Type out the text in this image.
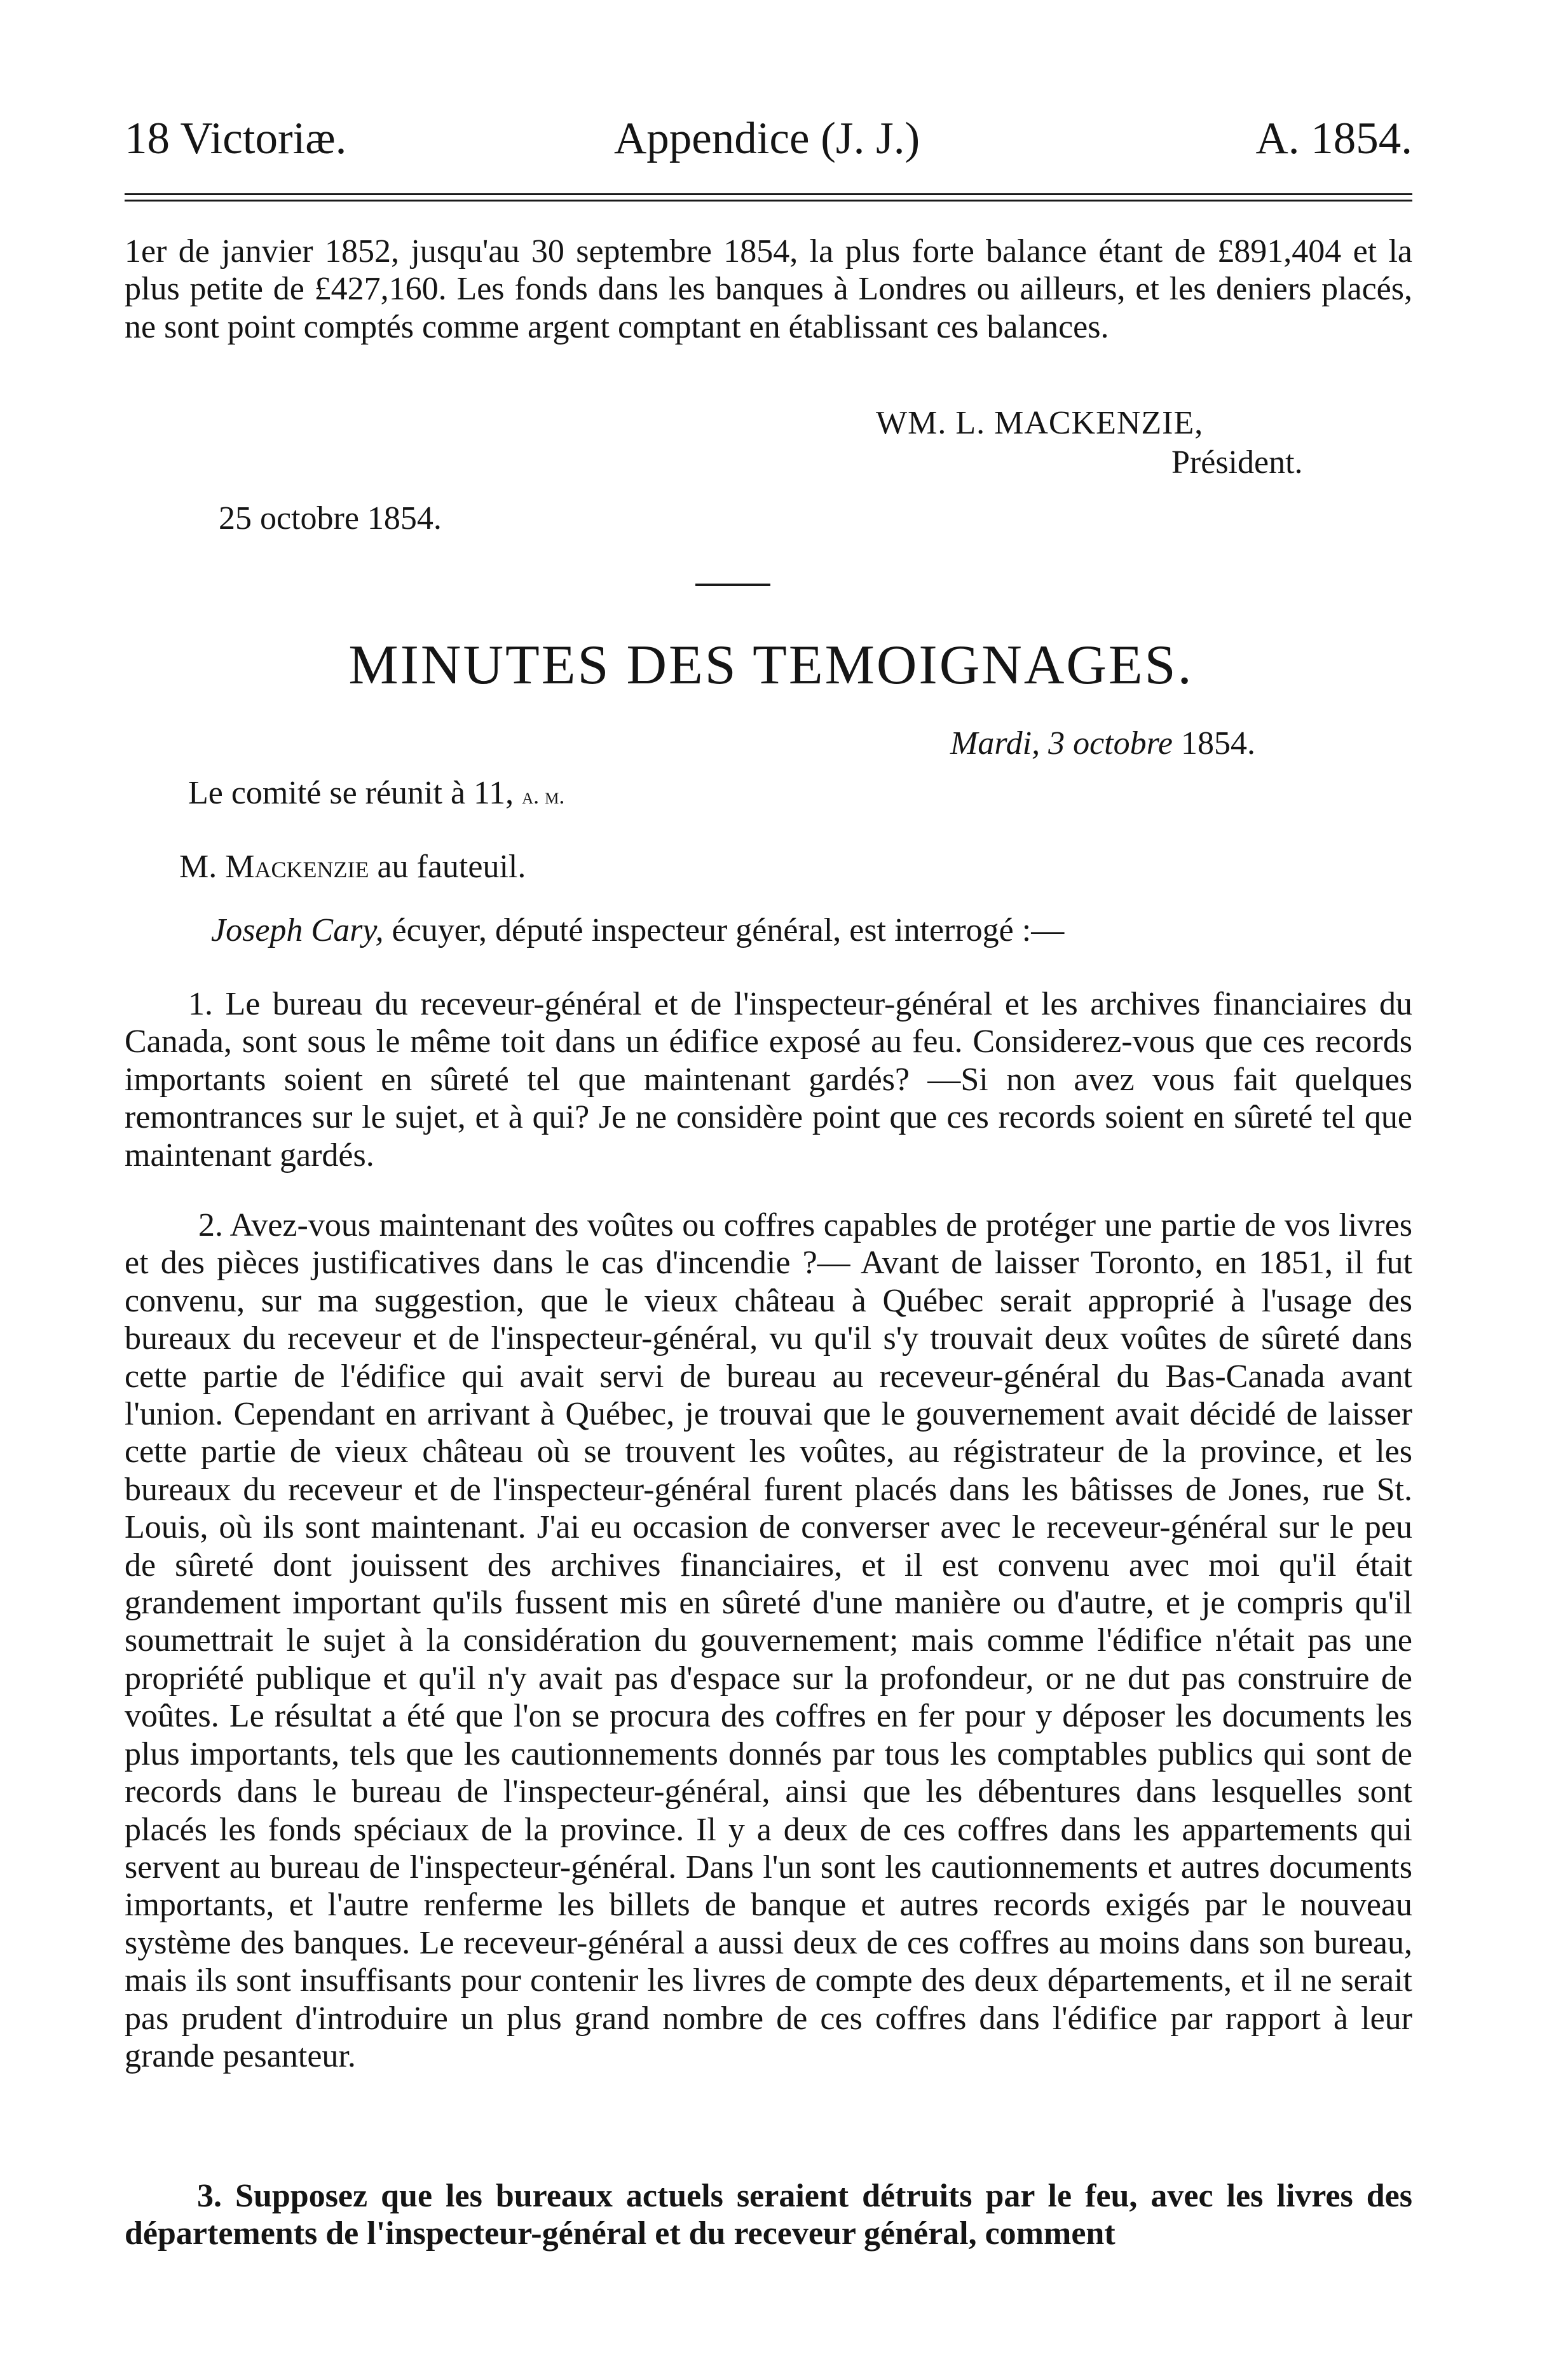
18 Victoriæ.	Appendice (J. J.)	A. 1854.

1er de janvier 1852, jusqu'au 30 septembre 1854, la plus forte balance étant de £891,404 et la plus petite de £427,160. Les fonds dans les banques à Londres ou ailleurs, et les deniers placés, ne sont point comptés comme argent comptant en établissant ces balances.

WM. L. MACKENZIE,
Président.
25 octobre 1854.
MINUTES DES TEMOIGNAGES.
Mardi, 3 octobre 1854.
Le comité se réunit à 11, a. m.
M. Mackenzie au fauteuil.
Joseph Cary, écuyer, député inspecteur général, est interrogé :—

1. Le bureau du receveur-général et de l'inspecteur-général et les archives financiaires du Canada, sont sous le même toit dans un édifice exposé au feu. Considerez-vous que ces records importants soient en sûreté tel que maintenant gardés? —Si non avez vous fait quelques remontrances sur le sujet, et à qui? Je ne considère point que ces records soient en sûreté tel que maintenant gardés.

2. Avez-vous maintenant des voûtes ou coffres capables de protéger une partie de vos livres et des pièces justificatives dans le cas d'incendie ?— Avant de laisser Toronto, en 1851, il fut convenu, sur ma suggestion, que le vieux château à Québec serait approprié à l'usage des bureaux du receveur et de l'inspecteur-général, vu qu'il s'y trouvait deux voûtes de sûreté dans cette partie de l'édifice qui avait servi de bureau au receveur-général du Bas-Canada avant l'union. Cependant en arrivant à Québec, je trouvai que le gouvernement avait décidé de laisser cette partie de vieux château où se trouvent les voûtes, au régistrateur de la province, et les bureaux du receveur et de l'inspecteur-général furent placés dans les bâtisses de Jones, rue St. Louis, où ils sont maintenant. J'ai eu occasion de converser avec le receveur-général sur le peu de sûreté dont jouissent des archives financiaires, et il est convenu avec moi qu'il était grandement important qu'ils fussent mis en sûreté d'une manière ou d'autre, et je compris qu'il soumettrait le sujet à la considération du gouvernement; mais comme l'édifice n'était pas une propriété publique et qu'il n'y avait pas d'espace sur la profondeur, or ne dut pas construire de voûtes. Le résultat a été que l'on se procura des coffres en fer pour y déposer les documents les plus importants, tels que les cautionnements donnés par tous les comptables publics qui sont de records dans le bureau de l'inspecteur-général, ainsi que les débentures dans lesquelles sont placés les fonds spéciaux de la province. Il y a deux de ces coffres dans les appartements qui servent au bureau de l'inspecteur-général. Dans l'un sont les cautionnements et autres documents importants, et l'autre renferme les billets de banque et autres records exigés par le nouveau système des banques. Le receveur-général a aussi deux de ces coffres au moins dans son bureau, mais ils sont insuffisants pour contenir les livres de compte des deux départements, et il ne serait pas prudent d'introduire un plus grand nombre de ces coffres dans l'édifice par rapport à leur grande pesanteur.

3. Supposez que les bureaux actuels seraient détruits par le feu, avec les livres des départements de l'inspecteur-général et du receveur général, comment
